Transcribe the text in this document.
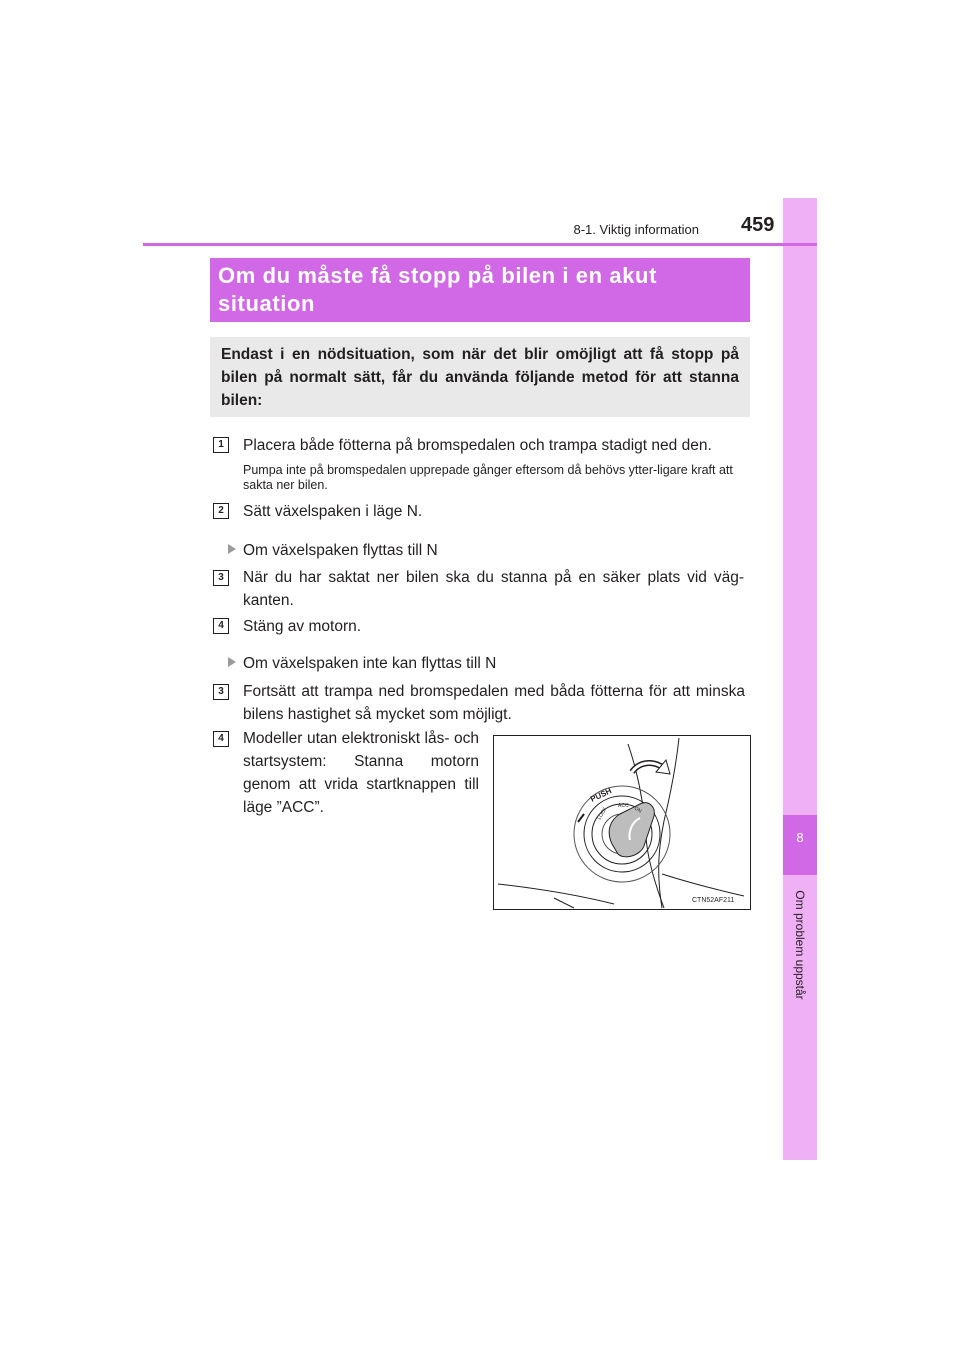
8
Om problem uppstår
8-1. Viktig information 459
Om du måste få stopp på bilen i en akut situation
Endast i en nödsituation, som när det blir omöjligt att få stopp på bilen på normalt sätt, får du använda följande metod för att stanna bilen:
1	Placera både fötterna på bromspedalen och trampa stadigt ned den.
Pumpa inte på bromspedalen upprepade gånger eftersom då behövs ytter-ligare kraft att sakta ner bilen.
2	Sätt växelspaken i läge N.
Om växelspaken flyttas till N
3	När du har saktat ner bilen ska du stanna på en säker plats vid väg-kanten.
4	Stäng av motorn.
Om växelspaken inte kan flyttas till N
3	Fortsätt att trampa ned bromspedalen med båda fötterna för att minska bilens hastighet så mycket som möjligt.
4	Modeller utan elektroniskt lås- och startsystem: Stanna motorn genom att vrida startknappen till läge ”ACC”.
PUSH
LOCK
ACC ON
CTN52AF211
